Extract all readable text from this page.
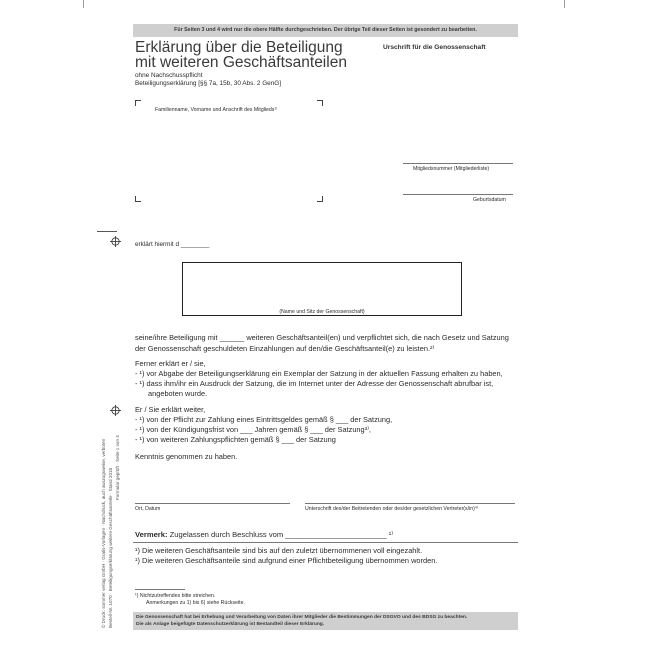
© Druck: sommer verlag GmbH · Gratis-Vorlagen · Nachdruck, auch auszugsweise, verboten Bestell-Nr. 1070 · Beteiligungserklärung weitere Geschäftsanteile · Stand 2018
Formular geprüft · Seite 1 von 4
Für Seiten 3 und 4 wird nur die obere Hälfte durchgeschrieben. Der übrige Teil dieser Seiten ist gesondert zu bearbeiten.
Erklärung über die Beteiligung
mit weiteren Geschäftsanteilen
ohne Nachschusspflicht
Beteiligungserklärung [§§ 7a, 15b, 30 Abs. 2 GenG]
Urschrift für die Genossenschaft
Familienname, Vorname und Anschrift des Mitglieds¹⁾
Mitgliedsnummer (Mitgliederliste)
Geburtsdatum
erklärt hiermit d ________
(Name und Sitz der Genossenschaft)
seine/ihre Beteiligung mit ______ weiteren Geschäftsanteil(en) und verpflichtet sich, die nach Gesetz und Satzung der Genossenschaft geschuldeten Einzahlungen auf den/die Geschäftsanteil(e) zu leisten.²⁾
Ferner erklärt er / sie,
- ¹) vor Abgabe der Beteiligungserklärung ein Exemplar der Satzung in der aktuellen Fassung erhalten zu haben,
- ¹) dass ihm/ihr ein Ausdruck der Satzung, die im Internet unter der Adresse der Genossenschaft abrufbar ist,
angeboten wurde.
Er / Sie erklärt weiter,
- ¹) von der Pflicht zur Zahlung eines Eintrittsgeldes gemäß § ___ der Satzung,
- ¹) von der Kündigungsfrist von ___ Jahren gemäß § ___ der Satzung³⁾,
- ¹) von weiteren Zahlungspflichten gemäß § ___ der Satzung
Kenntnis genommen zu haben.
Ort, Datum	Unterschrift des/der Beitretenden oder des/der gesetzlichen Vertreter(s/in)⁴⁾
Vermerk: Zugelassen durch Beschluss vom ________________________ ¹⁾
¹) Die weiteren Geschäftsanteile sind bis auf den zuletzt übernommenen voll eingezahlt.
¹) Die weiteren Geschäftsanteile sind aufgrund einer Pflichtbeteiligung übernommen worden.
¹) Nichtzutreffendes bitte streichen.
Anmerkungen zu 1) bis 6) siehe Rückseite.
Die Genossenschaft hat bei Erhebung und Verarbeitung von Daten ihrer Mitglieder die Bestimmungen der DSGVO und des BDSG zu beachten.
Die als Anlage beigefügte Datenschutzerklärung ist Bestandteil dieser Erklärung.
